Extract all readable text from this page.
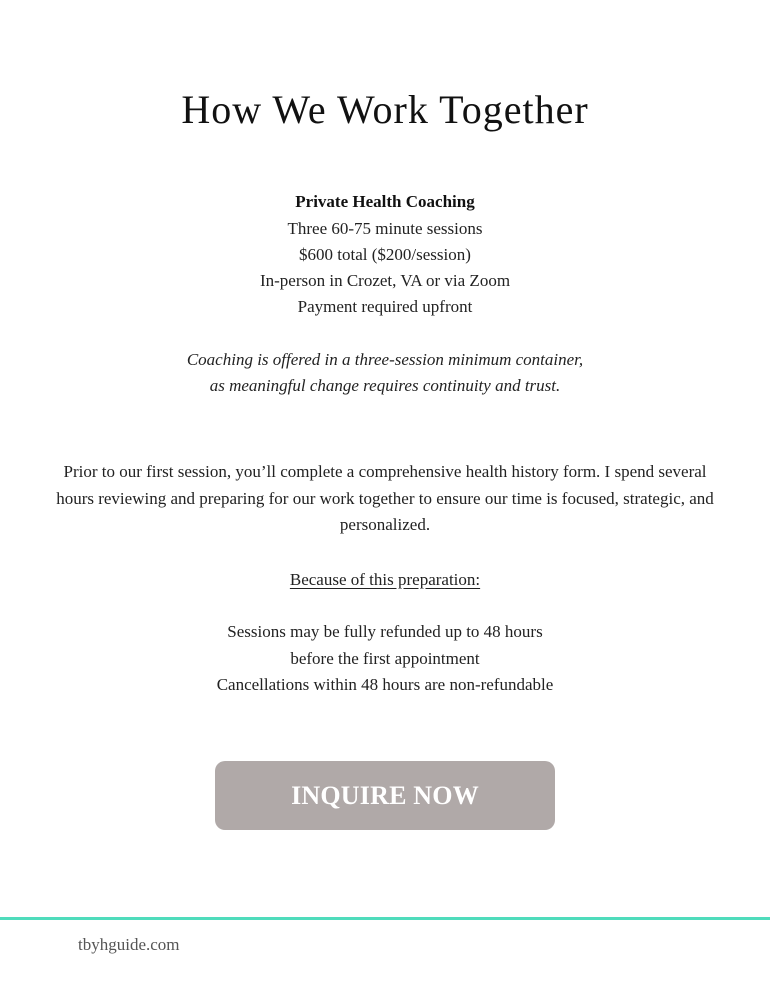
How We Work Together
Private Health Coaching
Three 60-75 minute sessions
$600 total ($200/session)
In-person in Crozet, VA or via Zoom
Payment required upfront
Coaching is offered in a three-session minimum container,
as meaningful change requires continuity and trust.
Prior to our first session, you’ll complete a comprehensive health history form. I spend several hours reviewing and preparing for our work together to ensure our time is focused, strategic, and personalized.
Because of this preparation:
Sessions may be fully refunded up to 48 hours
before the first appointment
Cancellations within 48 hours are non-refundable
INQUIRE NOW
tbyhguide.com
